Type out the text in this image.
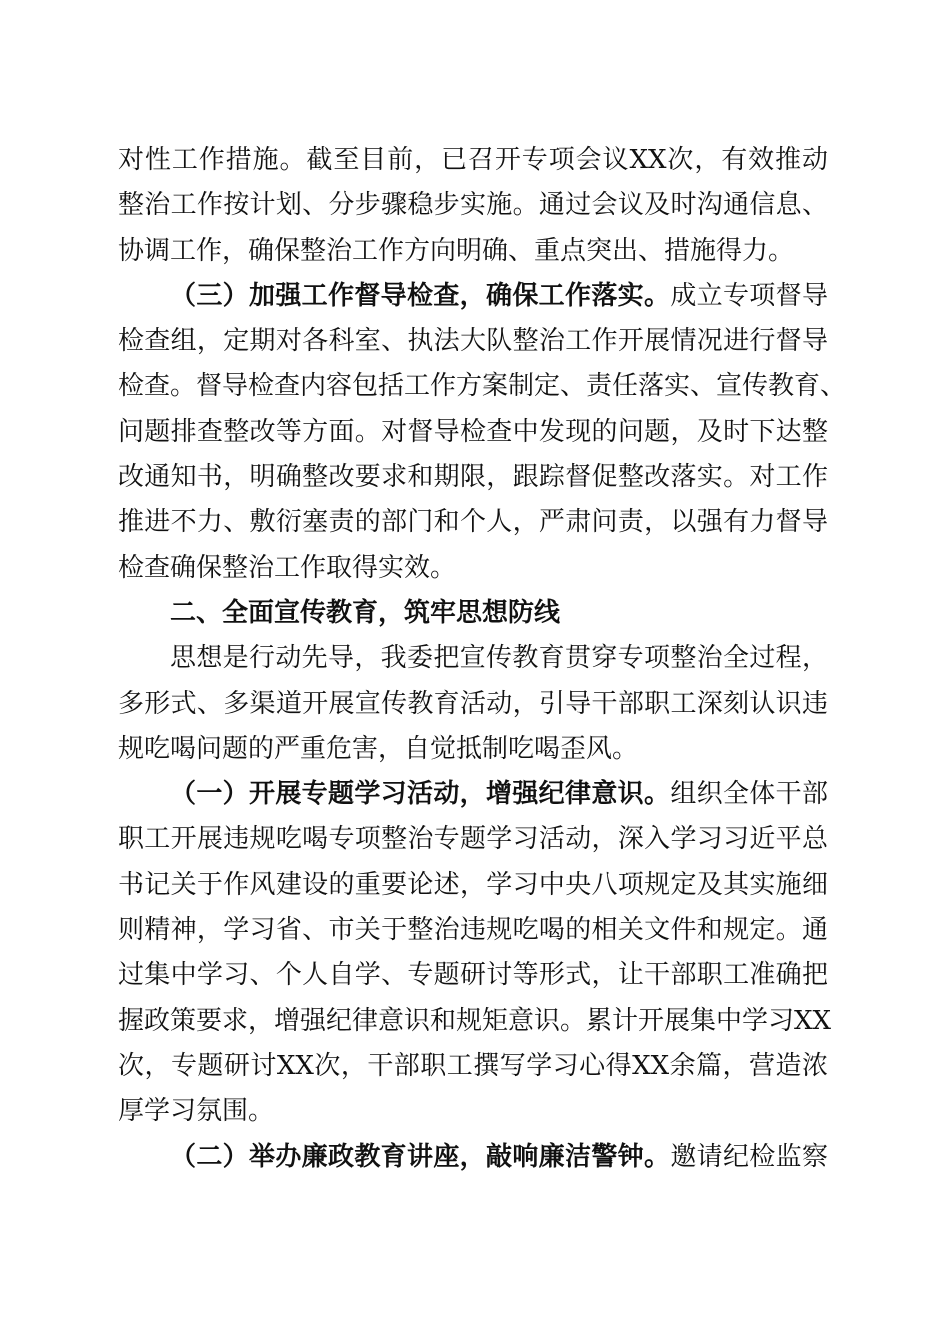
对性工作措施。截至目前，已召开专项会议XX次，有效推动
整治工作按计划、分步骤稳步实施。通过会议及时沟通信息、
协调工作，确保整治工作方向明确、重点突出、措施得力。
（三）加强工作督导检查，确保工作落实。成立专项督导
检查组，定期对各科室、执法大队整治工作开展情况进行督导
检查。督导检查内容包括工作方案制定、责任落实、宣传教育、
问题排查整改等方面。对督导检查中发现的问题，及时下达整
改通知书，明确整改要求和期限，跟踪督促整改落实。对工作
推进不力、敷衍塞责的部门和个人，严肃问责，以强有力督导
检查确保整治工作取得实效。
二、全面宣传教育，筑牢思想防线
思想是行动先导，我委把宣传教育贯穿专项整治全过程，
多形式、多渠道开展宣传教育活动，引导干部职工深刻认识违
规吃喝问题的严重危害，自觉抵制吃喝歪风。
（一）开展专题学习活动，增强纪律意识。组织全体干部
职工开展违规吃喝专项整治专题学习活动，深入学习习近平总
书记关于作风建设的重要论述，学习中央八项规定及其实施细
则精神，学习省、市关于整治违规吃喝的相关文件和规定。通
过集中学习、个人自学、专题研讨等形式，让干部职工准确把
握政策要求，增强纪律意识和规矩意识。累计开展集中学习XX
次，专题研讨XX次，干部职工撰写学习心得XX余篇，营造浓
厚学习氛围。
（二）举办廉政教育讲座，敲响廉洁警钟。邀请纪检监察
